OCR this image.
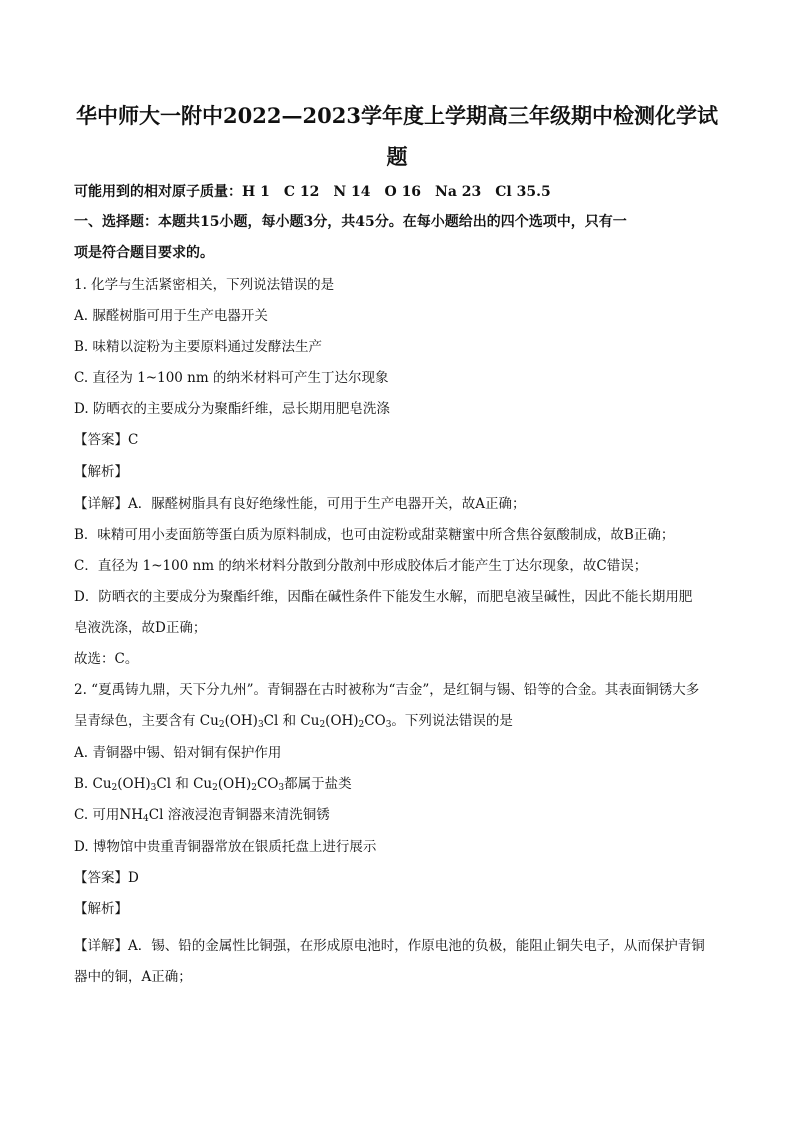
华中师大一附中2022—2023学年度上学期高三年级期中检测化学试
题
可能用到的相对原子质量：H 1　C 12　N 14　O 16　Na 23　Cl 35.5
一、选择题：本题共15小题，每小题3分，共45分。在每小题给出的四个选项中，只有一
项是符合题目要求的。
1. 化学与生活紧密相关，下列说法错误的是
A. 脲醛树脂可用于生产电器开关
B. 味精以淀粉为主要原料通过发酵法生产
C. 直径为 1~100 nm 的纳米材料可产生丁达尔现象
D. 防晒衣的主要成分为聚酯纤维，忌长期用肥皂洗涤
【答案】C
【解析】
【详解】A．脲醛树脂具有良好绝缘性能，可用于生产电器开关，故A正确；
B．味精可用小麦面筋等蛋白质为原料制成，也可由淀粉或甜菜糖蜜中所含焦谷氨酸制成，故B正确；
C．直径为 1~100 nm 的纳米材料分散到分散剂中形成胶体后才能产生丁达尔现象，故C错误；
D．防晒衣的主要成分为聚酯纤维，因酯在碱性条件下能发生水解，而肥皂液呈碱性，因此不能长期用肥
皂液洗涤，故D正确；
故选：C。
2. “夏禹铸九鼎，天下分九州”。青铜器在古时被称为“吉金”，是红铜与锡、铅等的合金。其表面铜锈大多
呈青绿色，主要含有 $Cu_2(OH)_3Cl$ 和 $Cu_2(OH)_2CO_3$。下列说法错误的是
A. 青铜器中锡、铅对铜有保护作用
B. $Cu_2(OH)_3Cl$ 和 $Cu_2(OH)_2CO_3$都属于盐类
C. 可用$NH_4Cl$ 溶液浸泡青铜器来清洗铜锈
D. 博物馆中贵重青铜器常放在银质托盘上进行展示
【答案】D
【解析】
【详解】A．锡、铅的金属性比铜强，在形成原电池时，作原电池的负极，能阻止铜失电子，从而保护青铜
器中的铜，A正确；
